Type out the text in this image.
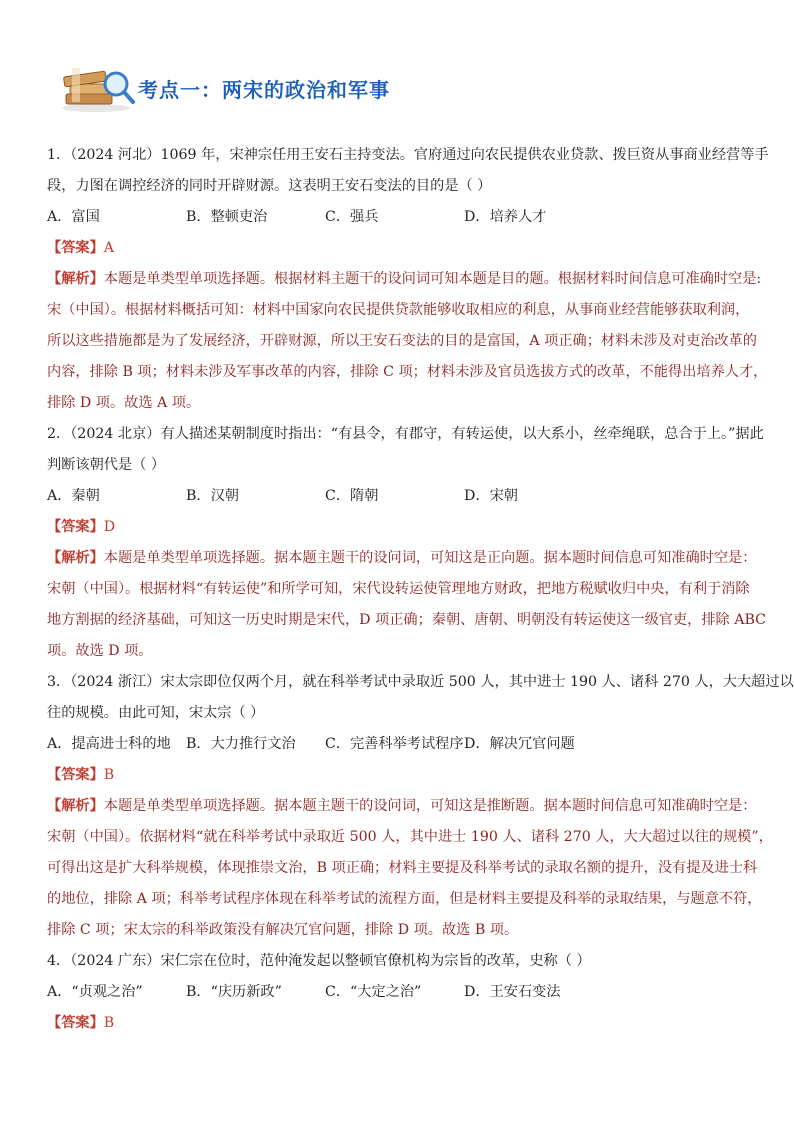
考点一：两宋的政治和军事
1．（2024 河北）1069 年，宋神宗任用王安石主持变法。官府通过向农民提供农业贷款、拨巨资从事商业经营等手
段，力图在调控经济的同时开辟财源。这表明王安石变法的目的是（ ）
A．富国	B．整顿吏治	C．强兵	D．培养人才
【答案】A
【解析】本题是单类型单项选择题。根据材料主题干的设问词可知本题是目的题。根据材料时间信息可准确时空是:
宋（中国）。根据材料概括可知：材料中国家向农民提供贷款能够收取相应的利息，从事商业经营能够获取利润，
所以这些措施都是为了发展经济，开辟财源，所以王安石变法的目的是富国，A 项正确；材料未涉及对吏治改革的
内容，排除 B 项；材料未涉及军事改革的内容，排除 C 项；材料未涉及官员选拔方式的改革，不能得出培养人才，
排除 D 项。故选 A 项。
2．（2024 北京）有人描述某朝制度时指出：“有县令，有郡守，有转运使，以大系小，丝牵绳联，总合于上。”据此
判断该朝代是（ ）
A．秦朝	B．汉朝	C．隋朝	D．宋朝
【答案】D
【解析】本题是单类型单项选择题。据本题主题干的设问词，可知这是正向题。据本题时间信息可知准确时空是：
宋朝（中国）。根据材料“有转运使”和所学可知，宋代设转运使管理地方财政，把地方税赋收归中央，有利于消除
地方割据的经济基础，可知这一历史时期是宋代，D 项正确；秦朝、唐朝、明朝没有转运使这一级官吏，排除 ABC
项。故选 D 项。
3．（2024 浙江）宋太宗即位仅两个月，就在科举考试中录取近 500 人，其中进士 190 人、诸科 270 人，大大超过以
往的规模。由此可知，宋太宗（ ）
A．提高进士科的地	B．大力推行文治	C．完善科举考试程序 D．解决冗官问题
【答案】B
【解析】本题是单类型单项选择题。据本题主题干的设问词，可知这是推断题。据本题时间信息可知准确时空是：
宋朝（中国）。依据材料“就在科举考试中录取近 500 人，其中进士 190 人、诸科 270 人，大大超过以往的规模”，
可得出这是扩大科举规模，体现推崇文治，B 项正确；材料主要提及科举考试的录取名额的提升，没有提及进士科
的地位，排除 A 项；科举考试程序体现在科举考试的流程方面，但是材料主要提及科举的录取结果，与题意不符，
排除 C 项；宋太宗的科举政策没有解决冗官问题，排除 D 项。故选 B 项。
4．（2024 广东）宋仁宗在位时，范仲淹发起以整顿官僚机构为宗旨的改革，史称（ ）
A．“贞观之治”	B．“庆历新政”	C．“大定之治”	D．王安石变法
【答案】B
